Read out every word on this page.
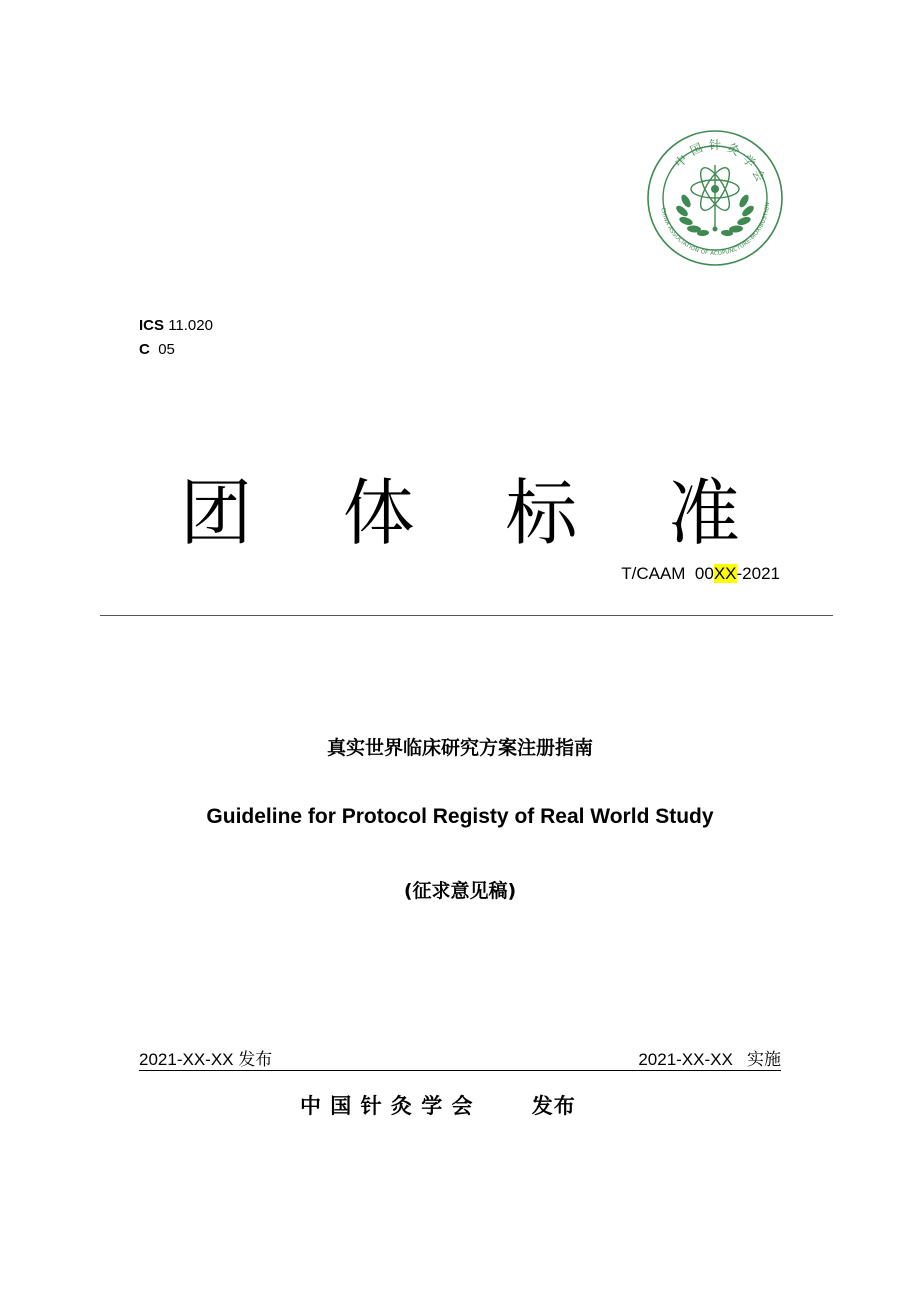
中
国 针 灸
学
会
CHINA ASSOCIATION OF ACUPUNCTURE-MOXIBUSTION
ICS 11.020
C 05
团 体 标 准
T/CAAM  00XX-2021
真实世界临床研究方案注册指南
Guideline for Protocol Registy of Real World Study
(征求意见稿)
2021-XX-XX 发布	2021-XX-XX 实施
中 国 针 灸 学 会	发布
